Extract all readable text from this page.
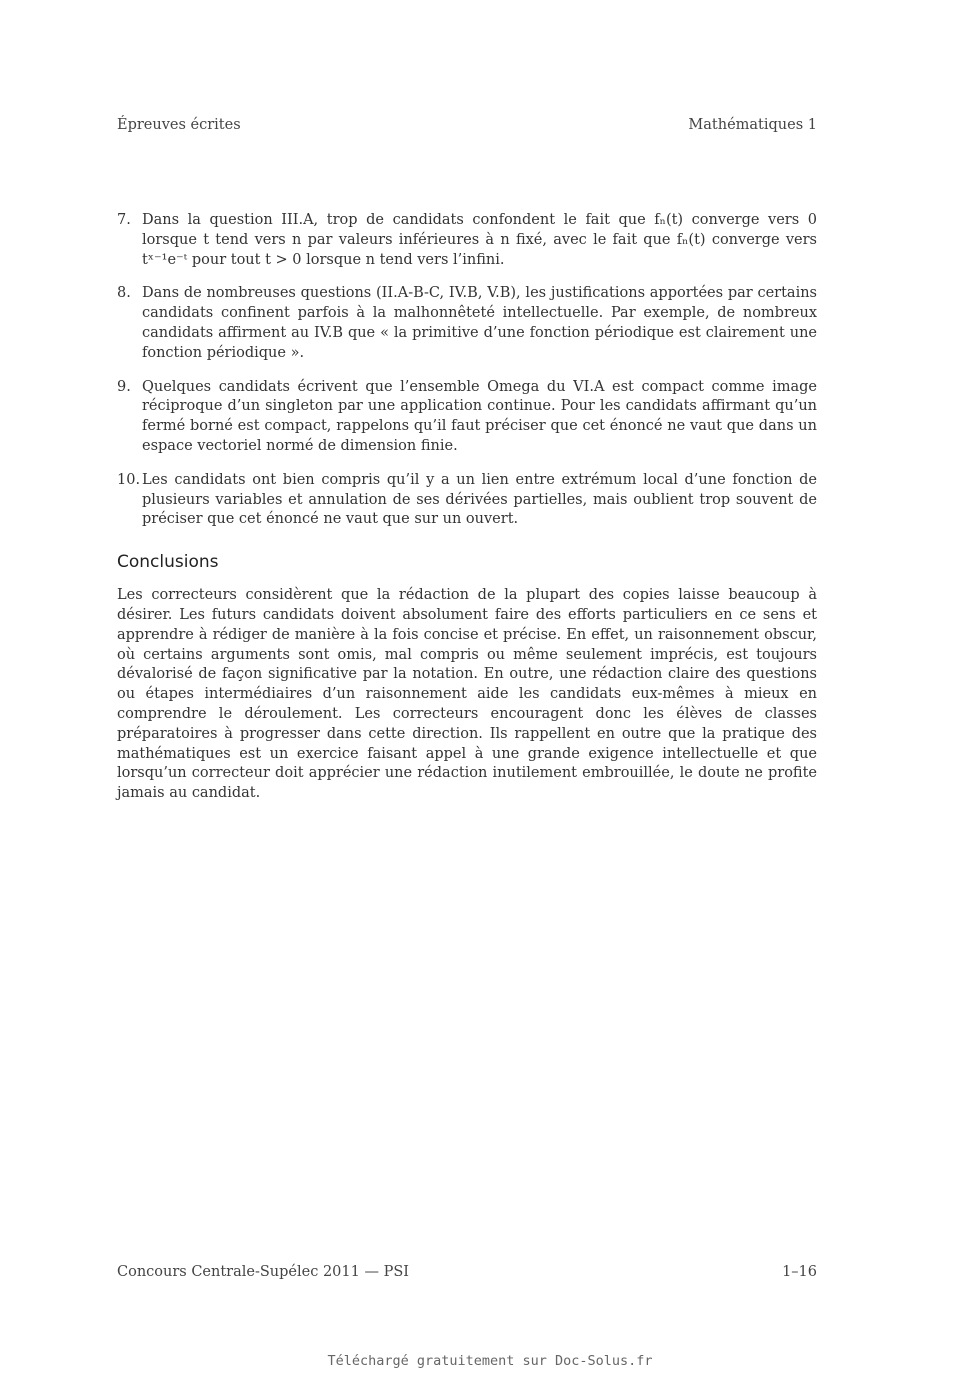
Épreuves écrites	Mathématiques 1
7. Dans la question III.A, trop de candidats confondent le fait que fₙ(t) converge vers 0 lorsque t tend vers n par valeurs inférieures à n fixé, avec le fait que fₙ(t) converge vers tˣ⁻¹e⁻ᵗ pour tout t > 0 lorsque n tend vers l’infini.
8. Dans de nombreuses questions (II.A-B-C, IV.B, V.B), les justifications apportées par certains candidats confinent parfois à la malhonnêteté intellectuelle. Par exemple, de nombreux candidats affirment au IV.B que « la primitive d’une fonction périodique est clairement une fonction périodique ».
9. Quelques candidats écrivent que l’ensemble Omega du VI.A est compact comme image réciproque d’un singleton par une application continue. Pour les candidats affirmant qu’un fermé borné est compact, rappelons qu’il faut préciser que cet énoncé ne vaut que dans un espace vectoriel normé de dimension finie.
10. Les candidats ont bien compris qu’il y a un lien entre extrémum local d’une fonction de plusieurs variables et annulation de ses dérivées partielles, mais oublient trop souvent de préciser que cet énoncé ne vaut que sur un ouvert.
Conclusions
Les correcteurs considèrent que la rédaction de la plupart des copies laisse beaucoup à désirer. Les futurs candidats doivent absolument faire des efforts particuliers en ce sens et apprendre à rédiger de manière à la fois concise et précise. En effet, un raisonnement obscur, où certains arguments sont omis, mal compris ou même seulement imprécis, est toujours dévalorisé de façon significative par la notation. En outre, une rédaction claire des questions ou étapes intermédiaires d’un raisonnement aide les candidats eux-mêmes à mieux en comprendre le déroulement. Les correcteurs encouragent donc les élèves de classes préparatoires à progresser dans cette direction. Ils rappellent en outre que la pratique des mathématiques est un exercice faisant appel à une grande exigence intellectuelle et que lorsqu’un correcteur doit apprécier une rédaction inutilement embrouillée, le doute ne profite jamais au candidat.
Concours Centrale-Supélec 2011 — PSI	1–16
Téléchargé gratuitement sur Doc-Solus.fr
